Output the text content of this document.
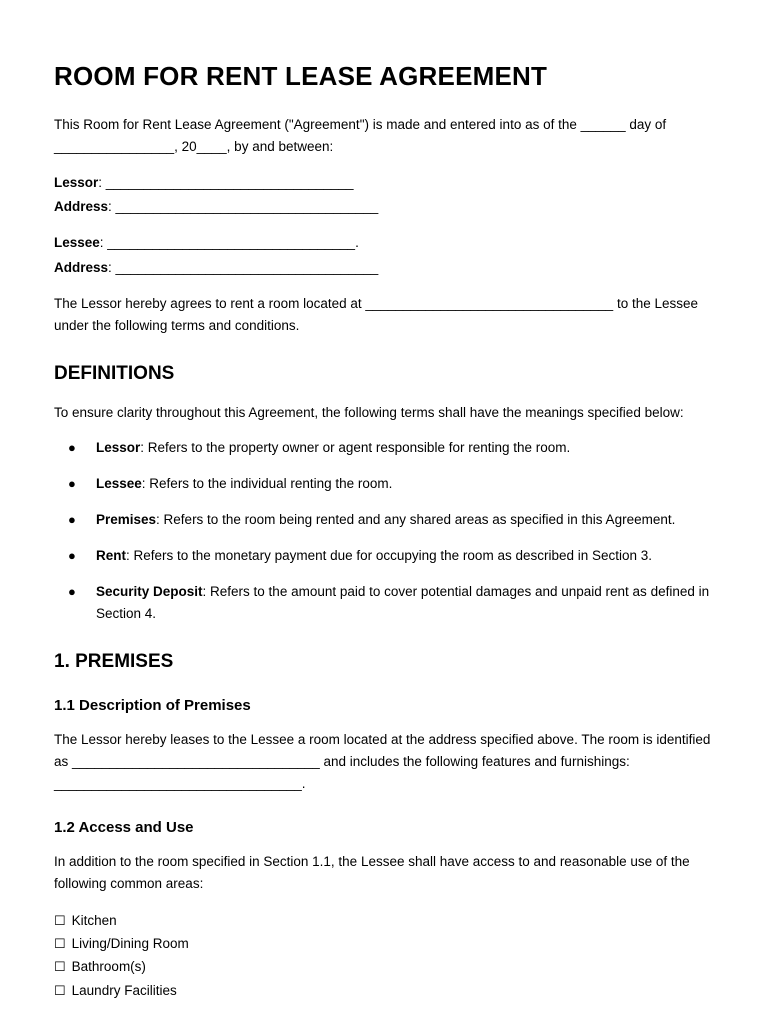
ROOM FOR RENT LEASE AGREEMENT

This Room for Rent Lease Agreement ("Agreement") is made and entered into as of the ______ day of ________________, 20____, by and between:

Lessor: _________________________________
Address: ___________________________________
Lessee: _________________________________.
Address: ___________________________________

The Lessor hereby agrees to rent a room located at _________________________________ to the Lessee under the following terms and conditions.

DEFINITIONS

To ensure clarity throughout this Agreement, the following terms shall have the meanings specified below:

● Lessor: Refers to the property owner or agent responsible for renting the room.
● Lessee: Refers to the individual renting the room.
● Premises: Refers to the room being rented and any shared areas as specified in this Agreement.
● Rent: Refers to the monetary payment due for occupying the room as described in Section 3.
● Security Deposit: Refers to the amount paid to cover potential damages and unpaid rent as defined in Section 4.
1. PREMISES
1.1 Description of Premises

The Lessor hereby leases to the Lessee a room located at the address specified above. The room is identified as _________________________________ and includes the following features and furnishings: _________________________________.

1.2 Access and Use

In addition to the room specified in Section 1.1, the Lessee shall have access to and reasonable use of the following common areas:

☐ Kitchen
☐ Living/Dining Room
☐ Bathroom(s)
☐ Laundry Facilities
